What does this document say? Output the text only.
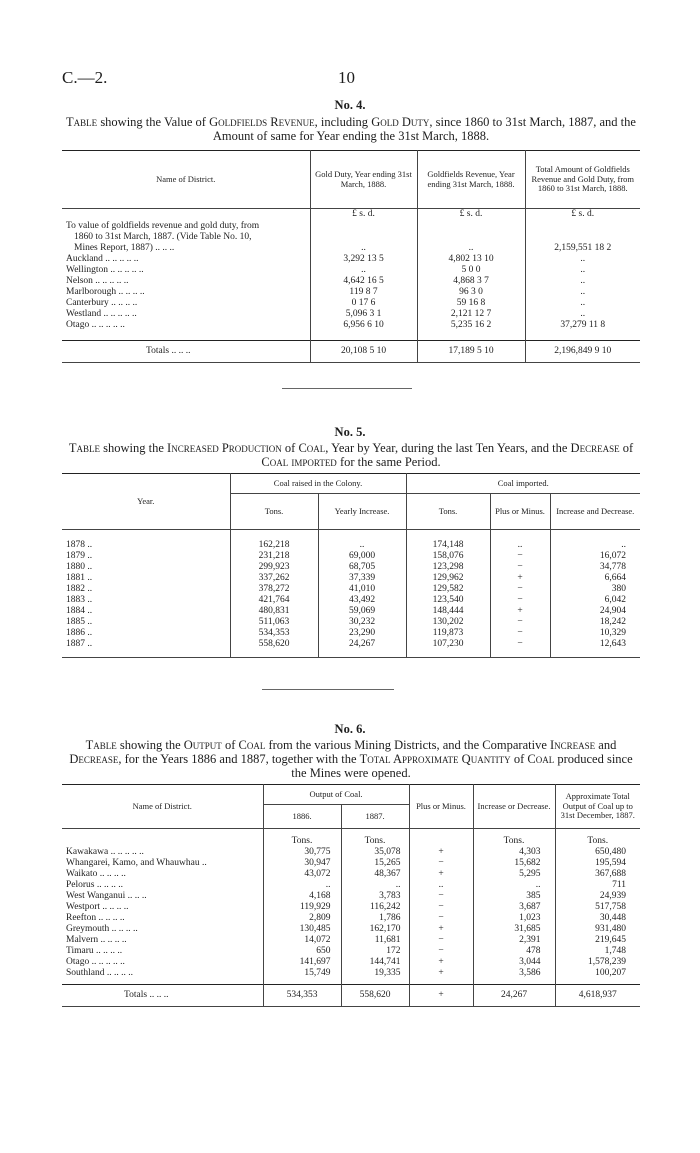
C.—2.	10
No. 4.
Table showing the Value of Goldfields Revenue, including Gold Duty, since 1860 to 31st March, 1887, and the Amount of same for Year ending the 31st March, 1888.
Name of District.	Gold Duty, Year ending 31st March, 1888.	Goldfields Revenue, Year ending 31st March, 1888.	Total Amount of Goldfields Revenue and Gold Duty, from 1860 to 31st March, 1888.
	£ s. d.	£ s. d.	£ s. d.
To value of goldfields revenue and gold duty, from			
1860 to 31st March, 1887. (Vide Table No. 10,			
Mines Report, 1887) .. .. ..	..	..	2,159,551 18 2
Auckland .. .. .. .. ..	3,292 13 5	4,802 13 10	..
Wellington .. .. .. .. ..	..	5 0 0	..
Nelson .. .. .. .. ..	4,642 16 5	4,868 3 7	..
Marlborough .. .. .. ..	119 8 7	96 3 0	..
Canterbury .. .. .. ..	0 17 6	59 16 8	..
Westland .. .. .. .. ..	5,096 3 1	2,121 12 7	..
Otago .. .. .. .. ..	6,956 6 10	5,235 16 2	37,279 11 8

Totals .. .. ..	20,108 5 10	17,189 5 10	2,196,849 9 10
No. 5.
Table showing the Increased Production of Coal, Year by Year, during the last Ten Years, and the Decrease of Coal imported for the same Period.
Year.	Coal raised in the Colony.		Coal imported.		
	Tons.	Yearly Increase.	Tons.	Plus or Minus.	Increase and Decrease.

1878 ..	162,218	..	174,148	..	..
1879 ..	231,218	69,000	158,076	−	16,072
1880 ..	299,923	68,705	123,298	−	34,778
1881 ..	337,262	37,339	129,962	+	6,664
1882 ..	378,272	41,010	129,582	−	380
1883 ..	421,764	43,492	123,540	−	6,042
1884 ..	480,831	59,069	148,444	+	24,904
1885 ..	511,063	30,232	130,202	−	18,242
1886 ..	534,353	23,290	119,873	−	10,329
1887 ..	558,620	24,267	107,230	−	12,643

No. 6.
Table showing the Output of Coal from the various Mining Districts, and the Comparative Increase and Decrease, for the Years 1886 and 1887, together with the Total Approximate Quantity of Coal produced since the Mines were opened.
Name of District.	Output of Coal.		Plus or Minus.	Increase or Decrease.	Approximate Total Output of Coal up to 31st December, 1887.
	1886.	1887.			
	Tons.	Tons.		Tons.	Tons.
Kawakawa .. .. .. .. ..	30,775	35,078	+	4,303	650,480
Whangarei, Kamo, and Whauwhau ..	30,947	15,265	−	15,682	195,594
Waikato .. .. .. ..	43,072	48,367	+	5,295	367,688
Pelorus .. .. .. ..	..	..	..	..	711
West Wanganui .. .. ..	4,168	3,783	−	385	24,939
Westport .. .. .. ..	119,929	116,242	−	3,687	517,758
Reefton .. .. .. ..	2,809	1,786	−	1,023	30,448
Greymouth .. .. .. ..	130,485	162,170	+	31,685	931,480
Malvern .. .. .. ..	14,072	11,681	−	2,391	219,645
Timaru .. .. .. ..	650	172	−	478	1,748
Otago .. .. .. .. ..	141,697	144,741	+	3,044	1,578,239
Southland .. .. .. ..	15,749	19,335	+	3,586	100,207

Totals .. .. ..	534,353	558,620	+	24,267	4,618,937
